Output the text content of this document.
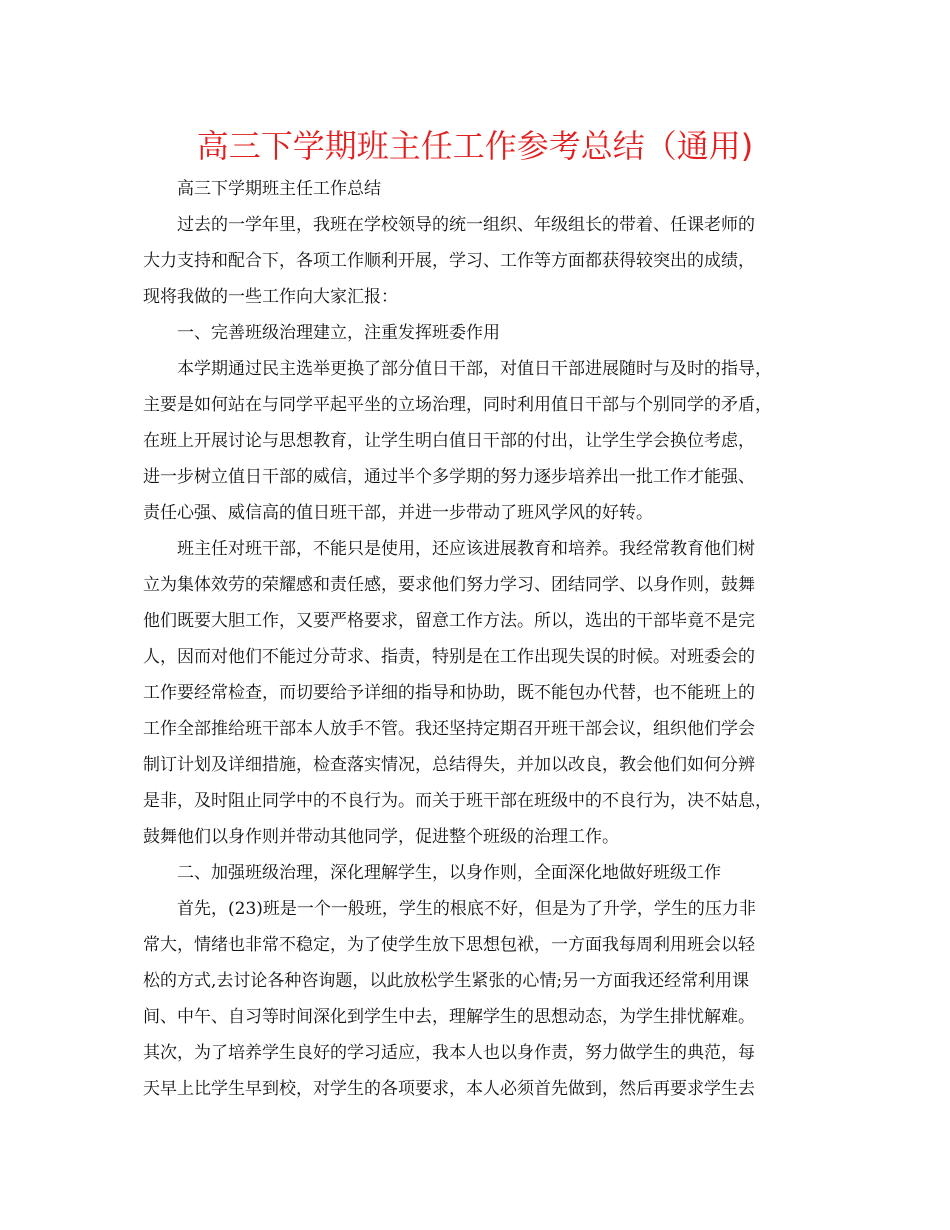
高三下学期班主任工作参考总结（通用)
高三下学期班主任工作总结
过去的一学年里，我班在学校领导的统一组织、年级组长的带着、任课老师的
大力支持和配合下，各项工作顺利开展，学习、工作等方面都获得较突出的成绩，
现将我做的一些工作向大家汇报：
一、完善班级治理建立，注重发挥班委作用
本学期通过民主选举更换了部分值日干部，对值日干部进展随时与及时的指导，
主要是如何站在与同学平起平坐的立场治理，同时利用值日干部与个别同学的矛盾，
在班上开展讨论与思想教育，让学生明白值日干部的付出，让学生学会换位考虑，
进一步树立值日干部的威信，通过半个多学期的努力逐步培养出一批工作才能强、
责任心强、威信高的值日班干部，并进一步带动了班风学风的好转。
班主任对班干部，不能只是使用，还应该进展教育和培养。我经常教育他们树
立为集体效劳的荣耀感和责任感，要求他们努力学习、团结同学、以身作则，鼓舞
他们既要大胆工作，又要严格要求，留意工作方法。所以，选出的干部毕竟不是完
人，因而对他们不能过分苛求、指责，特别是在工作出现失误的时候。对班委会的
工作要经常检查，而切要给予详细的指导和协助，既不能包办代替，也不能班上的
工作全部推给班干部本人放手不管。我还坚持定期召开班干部会议，组织他们学会
制订计划及详细措施，检查落实情况，总结得失，并加以改良，教会他们如何分辨
是非，及时阻止同学中的不良行为。而关于班干部在班级中的不良行为，决不姑息，
鼓舞他们以身作则并带动其他同学，促进整个班级的治理工作。
二、加强班级治理，深化理解学生，以身作则，全面深化地做好班级工作
首先，(23)班是一个一般班，学生的根底不好，但是为了升学，学生的压力非
常大，情绪也非常不稳定，为了使学生放下思想包袱，一方面我每周利用班会以轻
松的方式,去讨论各种咨询题，以此放松学生紧张的心情;另一方面我还经常利用课
间、中午、自习等时间深化到学生中去，理解学生的思想动态，为学生排忧解难。
其次，为了培养学生良好的学习适应，我本人也以身作责，努力做学生的典范，每
天早上比学生早到校，对学生的各项要求，本人必须首先做到，然后再要求学生去
